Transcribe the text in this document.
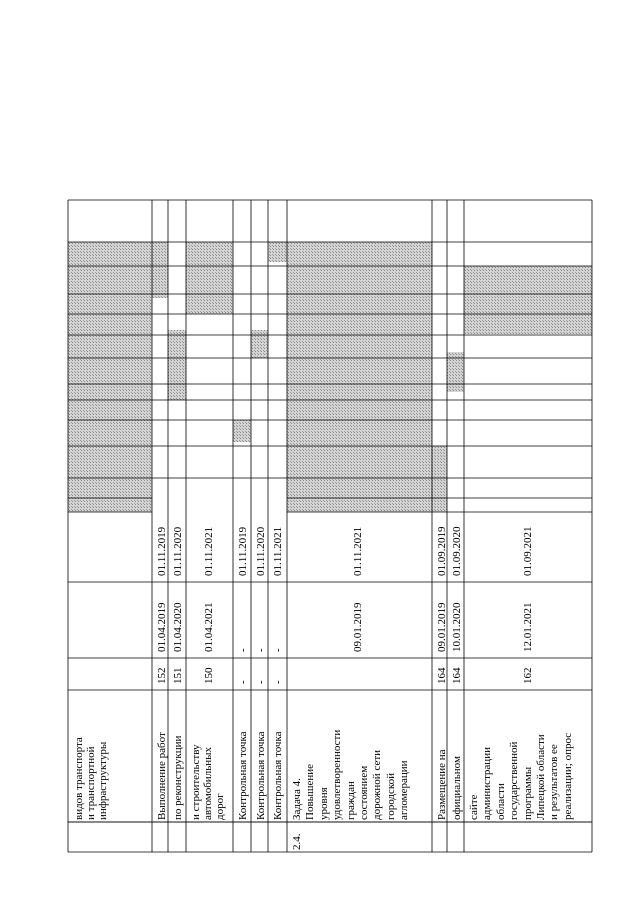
видов транспорта и транспортной инфраструктуры	Выполнение работ
152
01.04.2019
01.11.2019
по реконструкции
151
01.04.2020
01.11.2020
и строительству автомобильных дорог
150
01.04.2021
01.11.2021
Контрольная точка
-
-
01.11.2019
Контрольная точка
-
-
01.11.2020
Контрольная точка
-
-
01.11.2021
Задача 4. Повышение уровня удовлетворенности граждан состоянием дорожной сети городской агломерации
2.4.
09.01.2019
01.11.2021
Размещение на
164
09.01.2019
01.09.2019
официальном
164
10.01.2020
01.09.2020
сайте администрации области государственной программы Липецкой области и результатов ее реализации; опрос
162
12.01.2021
01.09.2021
